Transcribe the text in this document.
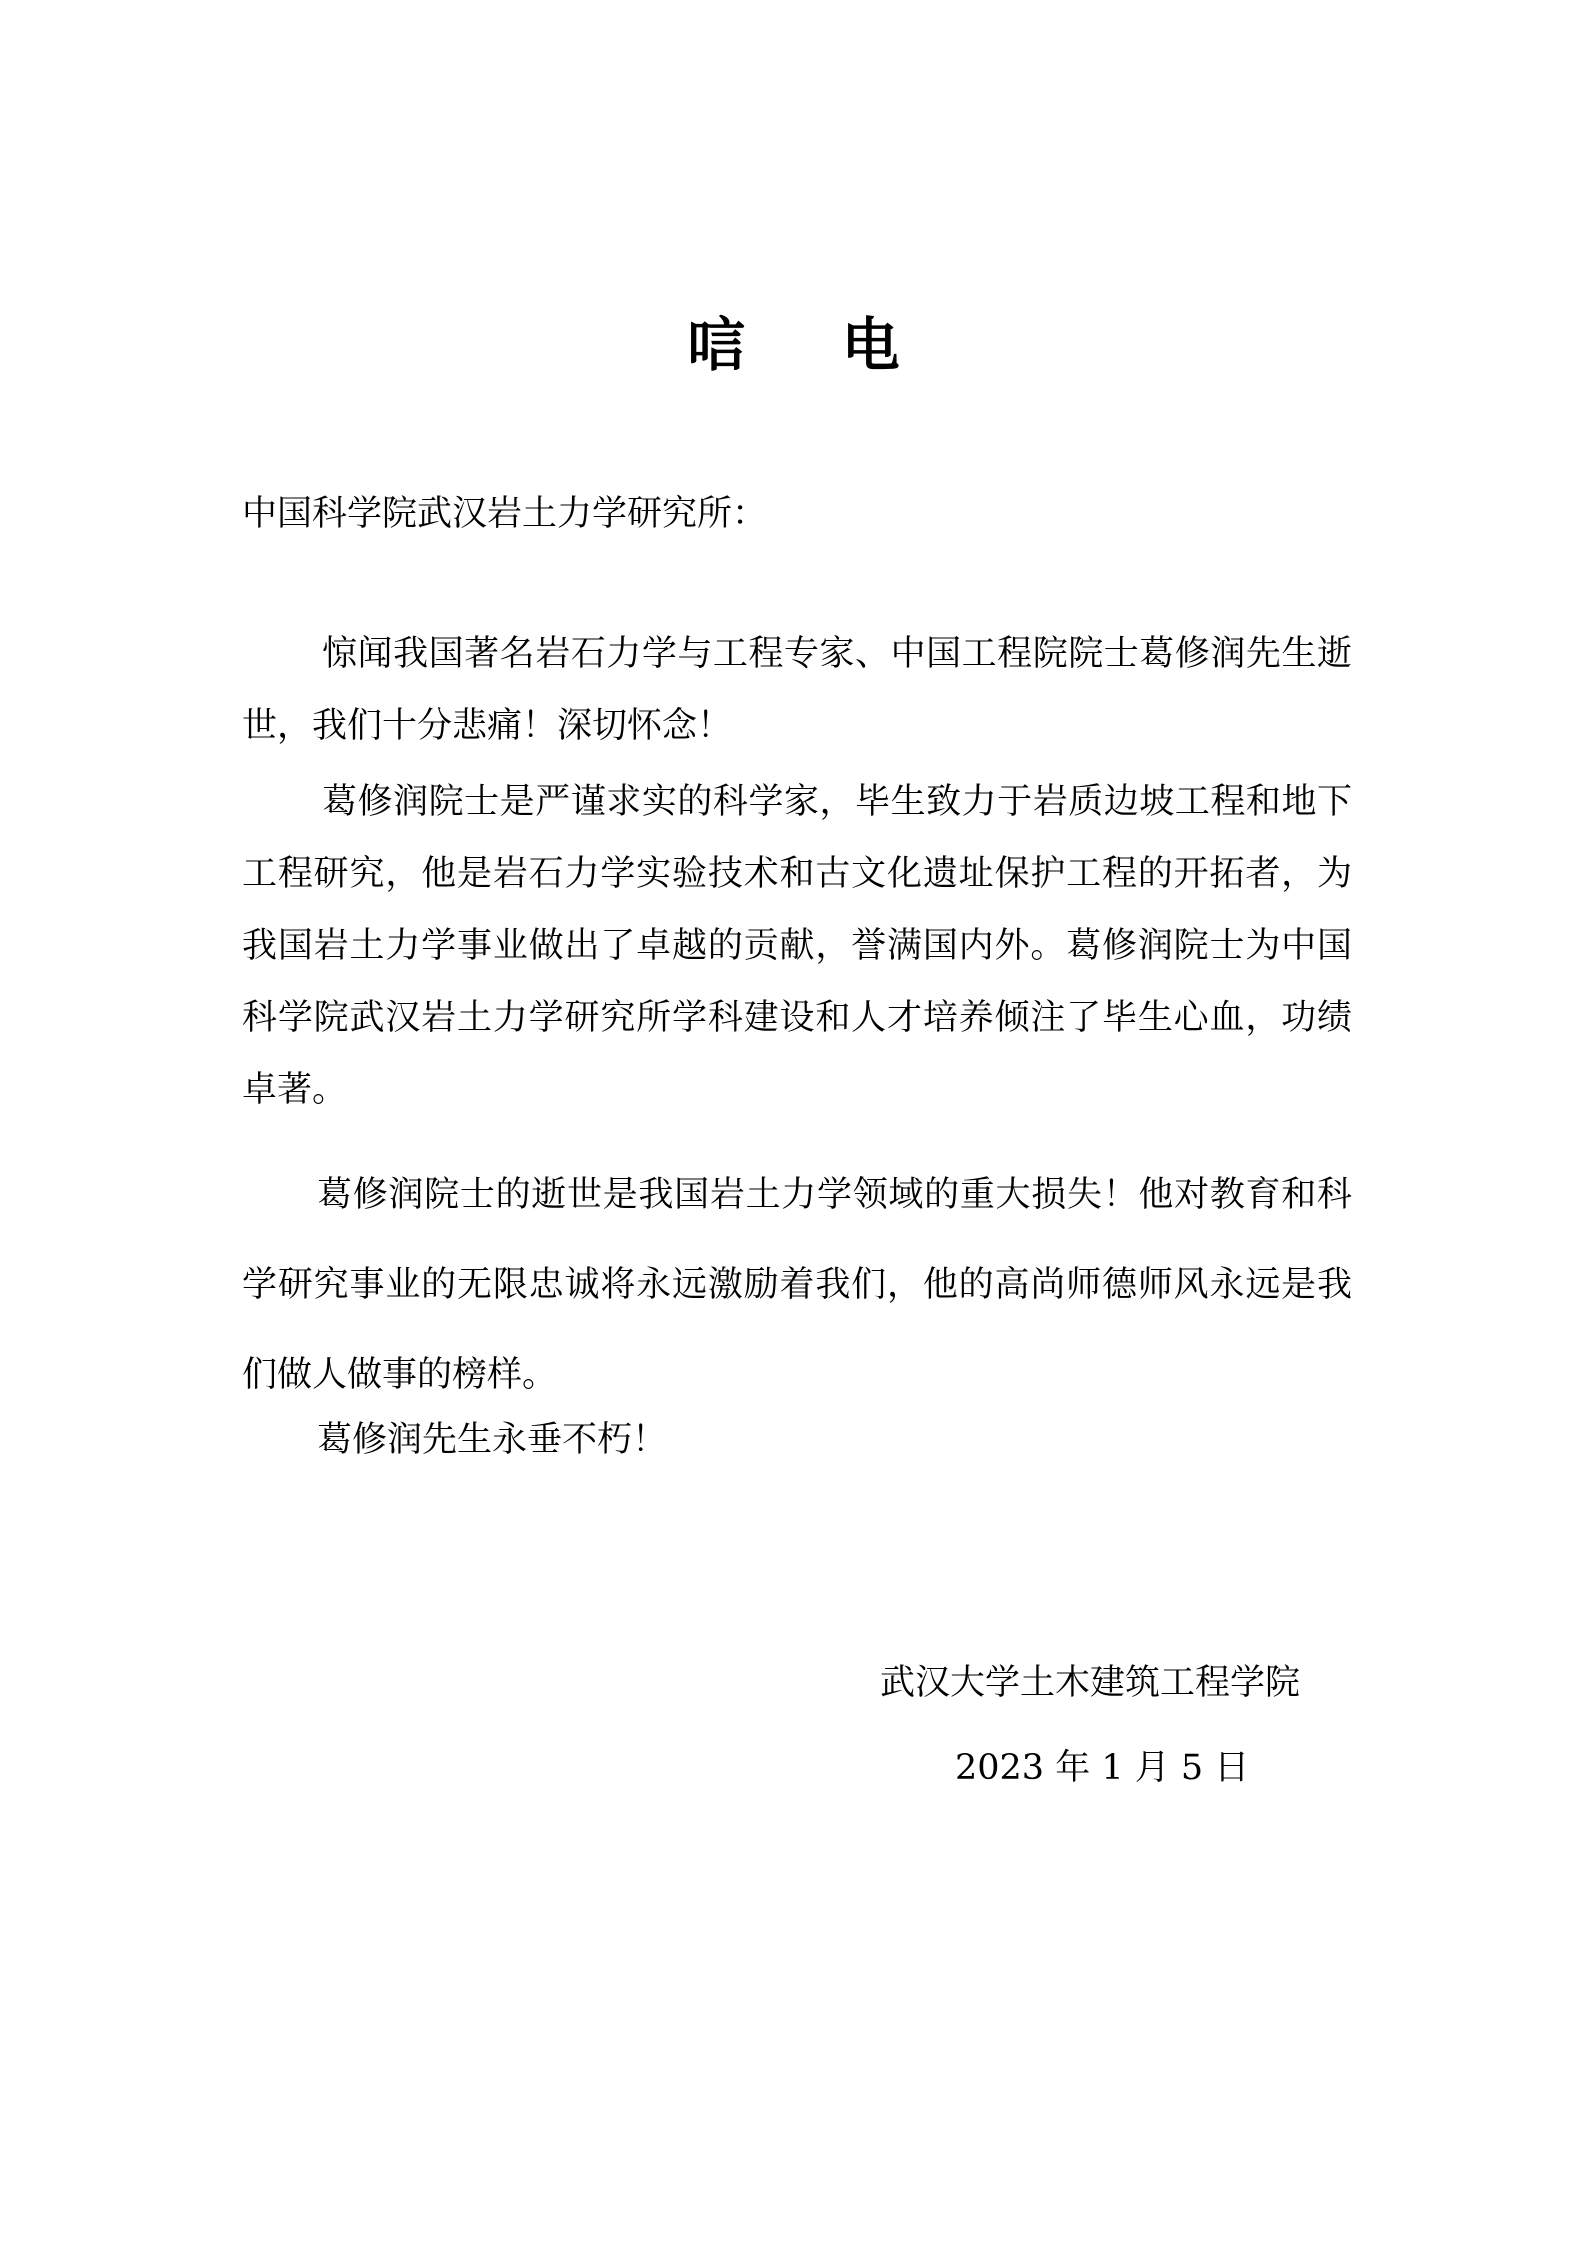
唁 电
中国科学院武汉岩土力学研究所：
惊闻我国著名岩石力学与工程专家、中国工程院院士葛修润先生逝世，我们十分悲痛！深切怀念！
葛修润院士是严谨求实的科学家，毕生致力于岩质边坡工程和地下工程研究，他是岩石力学实验技术和古文化遗址保护工程的开拓者，为我国岩土力学事业做出了卓越的贡献，誉满国内外。葛修润院士为中国科学院武汉岩土力学研究所学科建设和人才培养倾注了毕生心血，功绩卓著。
葛修润院士的逝世是我国岩土力学领域的重大损失！他对教育和科学研究事业的无限忠诚将永远激励着我们，他的高尚师德师风永远是我们做人做事的榜样。
葛修润先生永垂不朽！
武汉大学土木建筑工程学院
2023 年 1 月 5 日
